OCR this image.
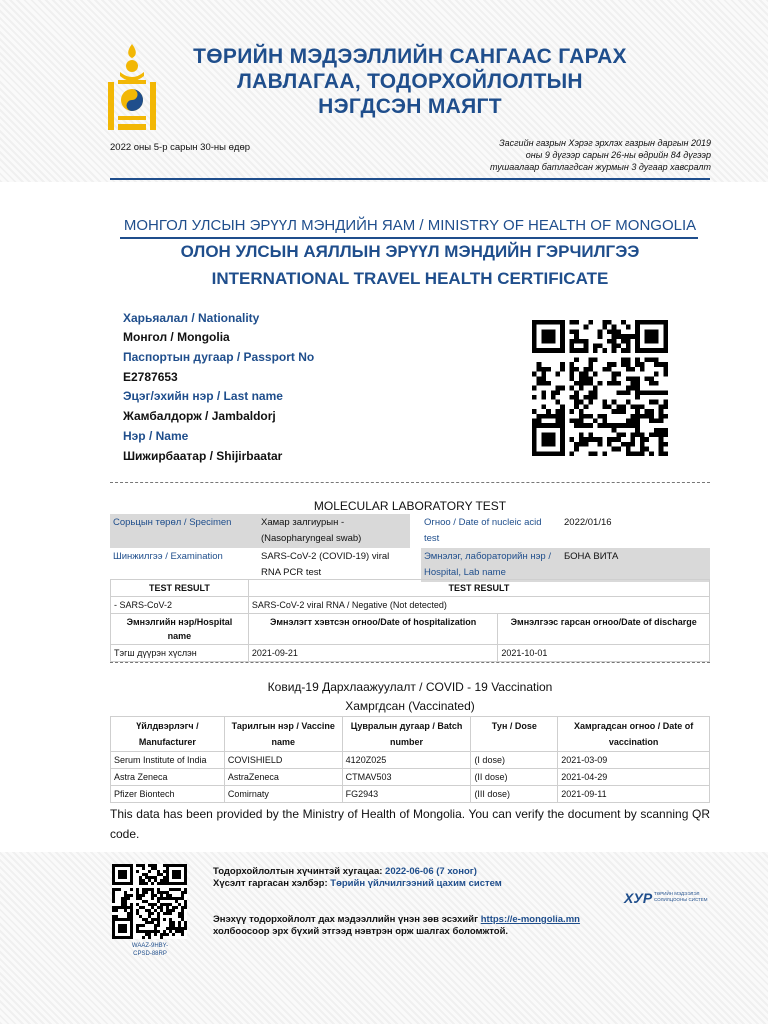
ТӨРИЙН МЭДЭЭЛЛИЙН САНГААС ГАРАХ
ЛАВЛАГАА, ТОДОРХОЙЛОЛТЫН
НЭГДСЭН МАЯГТ
2022 оны 5-р сарын 30-ны өдөр	Засгийн газрын Хэрэг эрхлэх газрын даргын 2019
оны 9 дүгээр сарын 26-ны өдрийн 84 дүгээр
тушаалаар батлагдсан журмын 3 дугаар хавсралт
МОНГОЛ УЛСЫН ЭРҮҮЛ МЭНДИЙН ЯАМ / MINISTRY OF HEALTH OF MONGOLIA
ОЛОН УЛСЫН АЯЛЛЫН ЭРҮҮЛ МЭНДИЙН ГЭРЧИЛГЭЭ
INTERNATIONAL TRAVEL HEALTH CERTIFICATE
Харьяалал / Nationality
Монгол / Mongolia
Паспортын дугаар / Passport No
E2787653
Эцэг/эхийн нэр / Last name
Жамбалдорж / Jambaldorj
Нэр / Name
Шижирбаатар / Shijirbaatar
MOLECULAR LABORATORY TEST
Сорьцын төрөл / Specimen	Хамар залгиурын - (Nasopharyngeal swab)		Огноо / Date of nucleic acid test	2022/01/16
Шинжилгээ / Examination	SARS-CoV-2 (COVID-19) viral RNA PCR test		Эмнэлэг, лабораторийн нэр / Hospital, Lab name	БОНА ВИТА
TEST RESULT	TEST RESULT	
- SARS-CoV-2	SARS-CoV-2 viral RNA / Negative (Not detected)	
Эмнэлгийн нэр/Hospital name	Эмнэлэгт хэвтсэн огноо/Date of hospitalization	Эмнэлгээс гарсан огноо/Date of discharge
Тэгш дүүрэн хүслэн	2021-09-21	2021-10-01
Ковид-19 Дархлаажуулалт / COVID - 19 Vaccination
Хамргдсан (Vaccinated)
Үйлдвэрлэгч / Manufacturer	Тарилгын нэр / Vaccine name	Цувралын дугаар / Batch number	Тун / Dose	Хамргадсан огноо / Date of vaccination
Serum Institute of India	COVISHIELD	4120Z025	(I dose)	2021-03-09
Astra Zeneca	AstraZeneca	CTMAV503	(II dose)	2021-04-29
Pfizer Biontech	Comirnaty	FG2943	(III dose)	2021-09-11
This data has been provided by the Ministry of Health of Mongolia. You can verify the document by scanning QR code.
WAAZ-9HBY-
CPSD-88RP
Тодорхойлолтын хүчинтэй хугацаа: 2022-06-06 (7 хоног)
Хүсэлт гаргасан хэлбэр: Төрийн үйлчилгээний цахим систем
Энэхүү тодорхойлолт дах мэдээллийн үнэн зөв эсэхийг https://e-mongolia.mn
холбоосоор эрх бүхий этгээд нэвтрэн орж шалгах боломжтой.
ХУР ТӨРИЙН МЭДЭЭЛЭЛ СОЛИЛЦООНЫ СИСТЕМ
